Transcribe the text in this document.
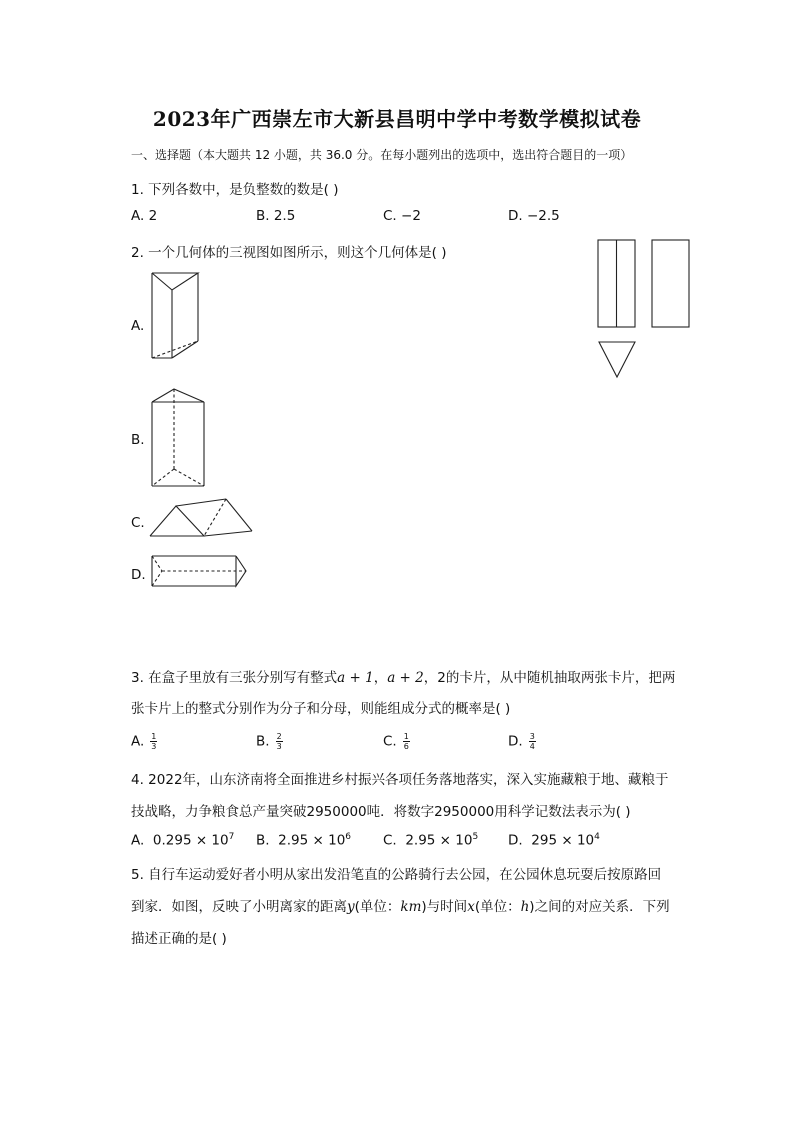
2023年广西崇左市大新县昌明中学中考数学模拟试卷
一、选择题（本大题共 12 小题，共 36.0 分。在每小题列出的选项中，选出符合题目的一项）
1. 下列各数中，是负整数的数是( )
A. 2	B. 2.5	C. −2	D. −2.5
2. 一个几何体的三视图如图所示，则这个几何体是( )
A.
B.
C.
D.
3. 在盒子里放有三张分别写有整式a + 1，a + 2，2的卡片，从中随机抽取两张卡片，把两
张卡片上的整式分别作为分子和分母，则能组成分式的概率是( )
A. $\frac{1}{3}$	B. $\frac{2}{3}$	C. $\frac{1}{6}$	D. $\frac{3}{4}$
4. 2022年，山东济南将全面推进乡村振兴各项任务落地落实，深入实施藏粮于地、藏粮于
技战略，力争粮食总产量突破2950000吨．将数字2950000用科学记数法表示为( )
A. $0.295 \times 10^7$ B. $2.95 \times 10^6$ C. $2.95 \times 10^5$ D. $295 \times 10^4$
5. 自行车运动爱好者小明从家出发沿笔直的公路骑行去公园，在公园休息玩耍后按原路回
到家．如图，反映了小明离家的距离y(单位：km)与时间x(单位：h)之间的对应关系．下列
描述正确的是( )
